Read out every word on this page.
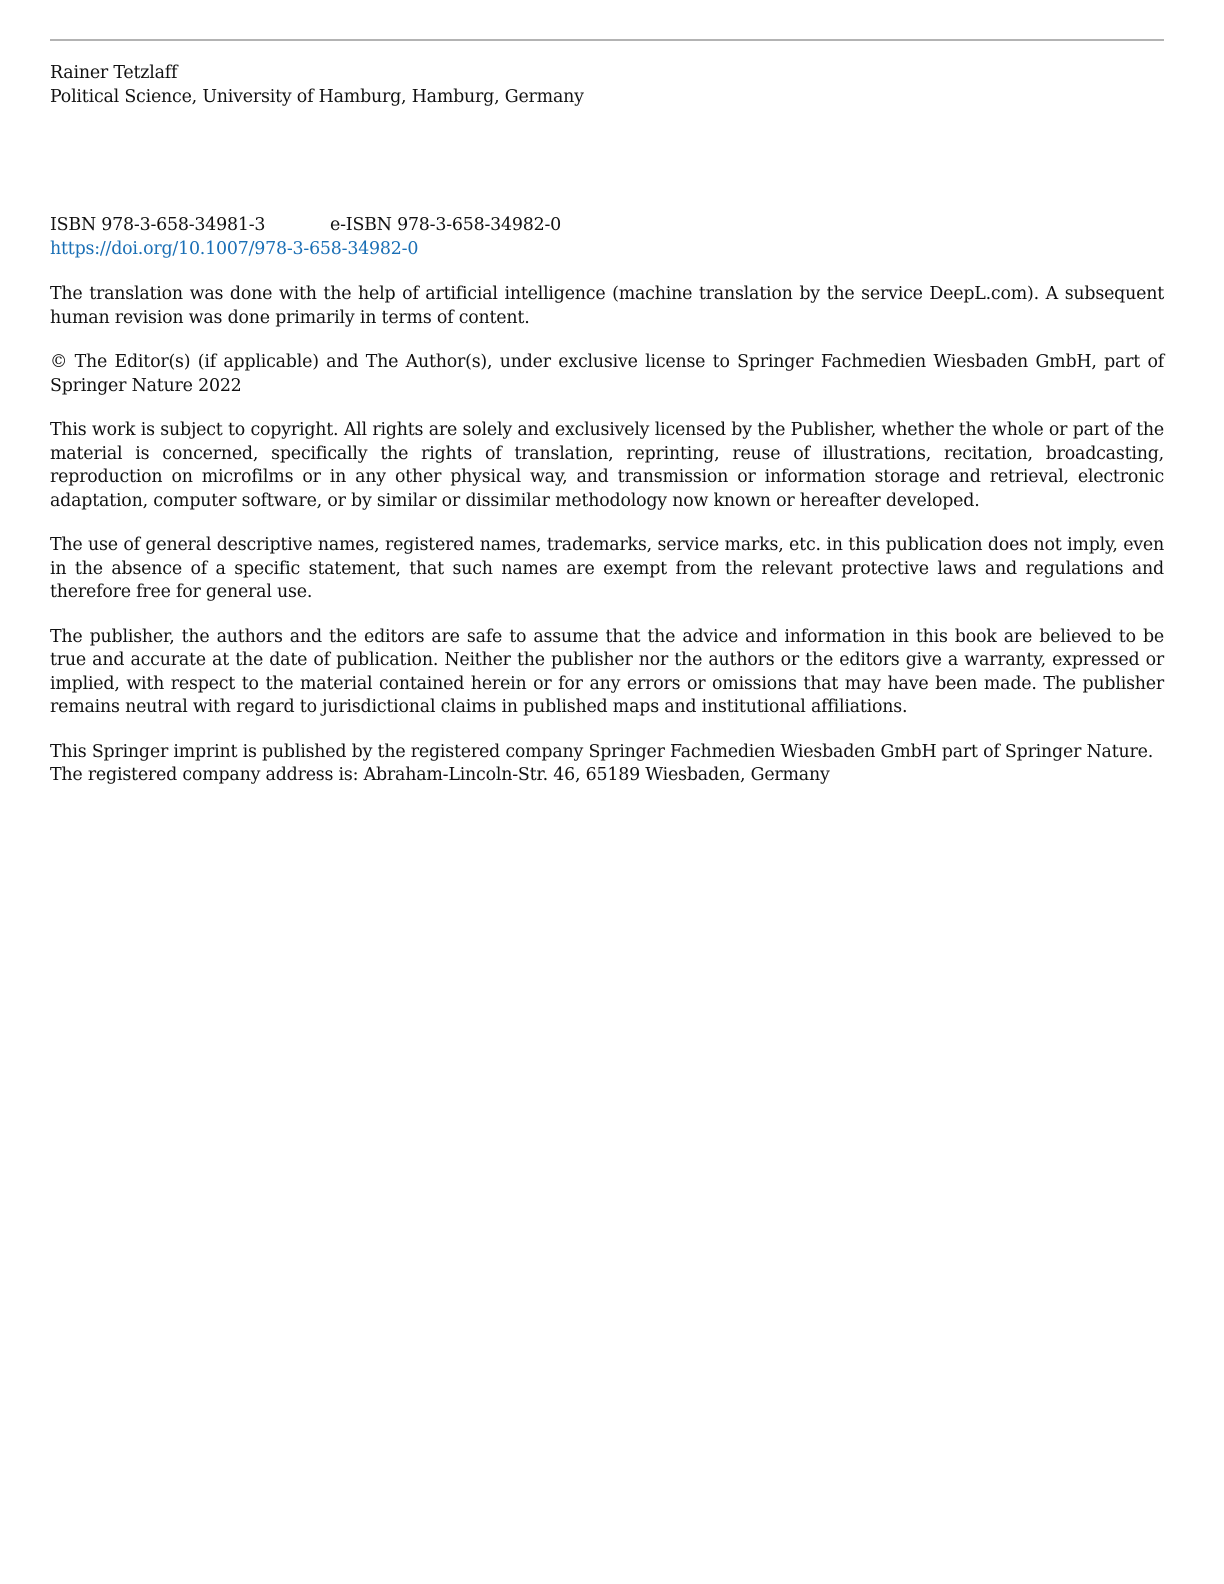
Rainer Tetzlaff
Political Science, University of Hamburg, Hamburg, Germany
ISBN 978-3-658-34981-3	e-ISBN 978-3-658-34982-0
https://doi.org/10.1007/978-3-658-34982-0

The translation was done with the help of artificial intelligence (machine translation by the service DeepL.com). A subsequent human revision was done primarily in terms of content.

© The Editor(s) (if applicable) and The Author(s), under exclusive license to Springer Fachmedien Wiesbaden GmbH, part of Springer Nature 2022

This work is subject to copyright. All rights are solely and exclusively licensed by the Publisher, whether the whole or part of the material is concerned, specifically the rights of translation, reprinting, reuse of illustrations, recitation, broadcasting, reproduction on microfilms or in any other physical way, and transmission or information storage and retrieval, electronic adaptation, computer software, or by similar or dissimilar methodology now known or hereafter developed.

The use of general descriptive names, registered names, trademarks, service marks, etc. in this publication does not imply, even in the absence of a specific statement, that such names are exempt from the relevant protective laws and regulations and therefore free for general use.

The publisher, the authors and the editors are safe to assume that the advice and information in this book are believed to be true and accurate at the date of publication. Neither the publisher nor the authors or the editors give a warranty, expressed or implied, with respect to the material contained herein or for any errors or omissions that may have been made. The publisher remains neutral with regard to jurisdictional claims in published maps and institutional affiliations.

This Springer imprint is published by the registered company Springer Fachmedien Wiesbaden GmbH part of Springer Nature.

The registered company address is: Abraham-Lincoln-Str. 46, 65189 Wiesbaden, Germany
